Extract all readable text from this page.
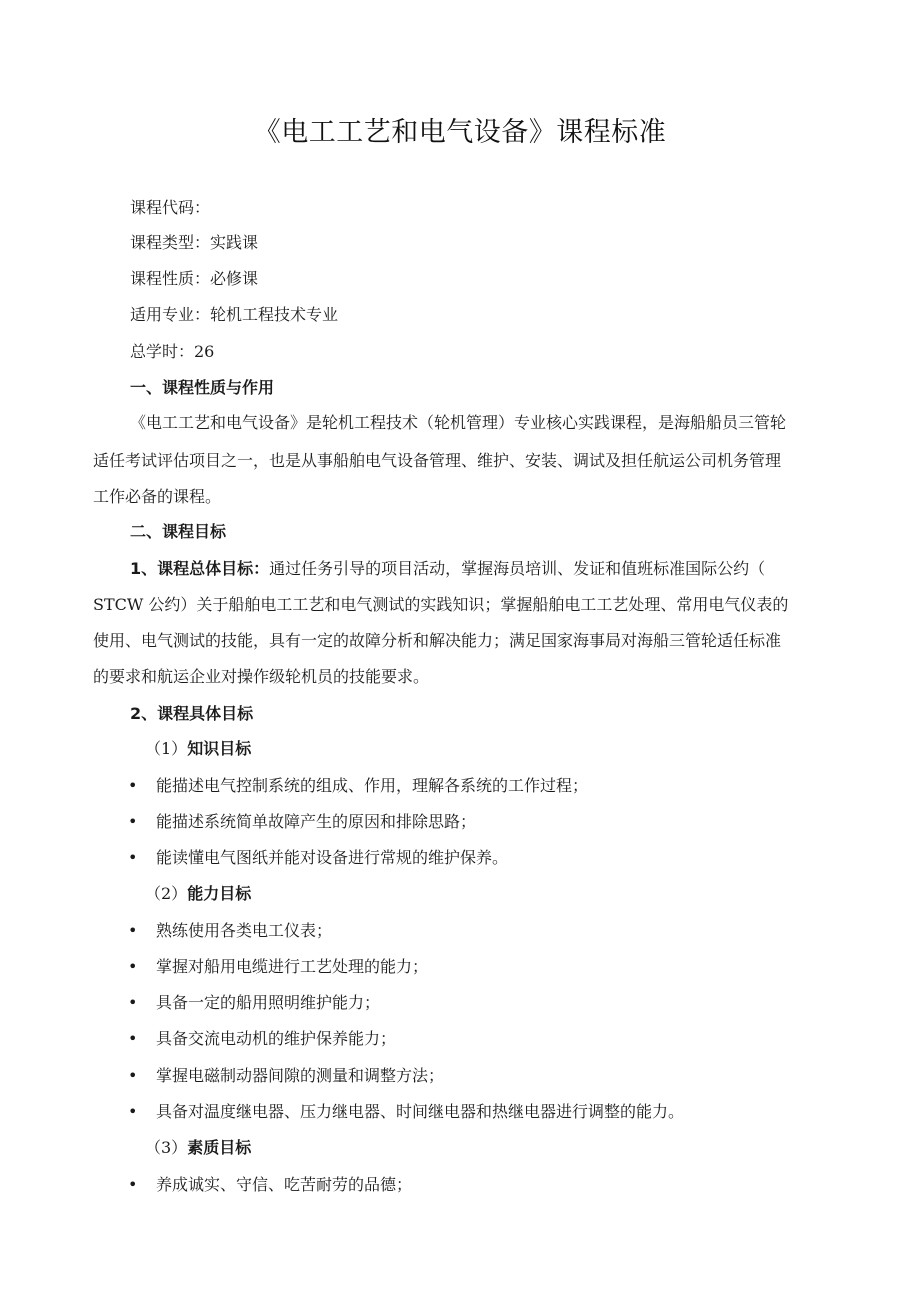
《电工工艺和电气设备》课程标准
课程代码：
课程类型：实践课
课程性质：必修课
适用专业：轮机工程技术专业
总学时：26
一、课程性质与作用
《电工工艺和电气设备》是轮机工程技术（轮机管理）专业核心实践课程，是海船船员三管轮
适任考试评估项目之一，也是从事船舶电气设备管理、维护、安装、调试及担任航运公司机务管理
工作必备的课程。
二、课程目标
1、课程总体目标：通过任务引导的项目活动，掌握海员培训、发证和值班标准国际公约（
STCW 公约）关于船舶电工工艺和电气测试的实践知识；掌握船舶电工工艺处理、常用电气仪表的
使用、电气测试的技能，具有一定的故障分析和解决能力；满足国家海事局对海船三管轮适任标准
的要求和航运企业对操作级轮机员的技能要求。
2、课程具体目标
（1）知识目标
• 能描述电气控制系统的组成、作用，理解各系统的工作过程；
• 能描述系统简单故障产生的原因和排除思路；
• 能读懂电气图纸并能对设备进行常规的维护保养。
（2）能力目标
• 熟练使用各类电工仪表；
• 掌握对船用电缆进行工艺处理的能力；
• 具备一定的船用照明维护能力；
• 具备交流电动机的维护保养能力；
• 掌握电磁制动器间隙的测量和调整方法；
• 具备对温度继电器、压力继电器、时间继电器和热继电器进行调整的能力。
（3）素质目标
• 养成诚实、守信、吃苦耐劳的品德；
